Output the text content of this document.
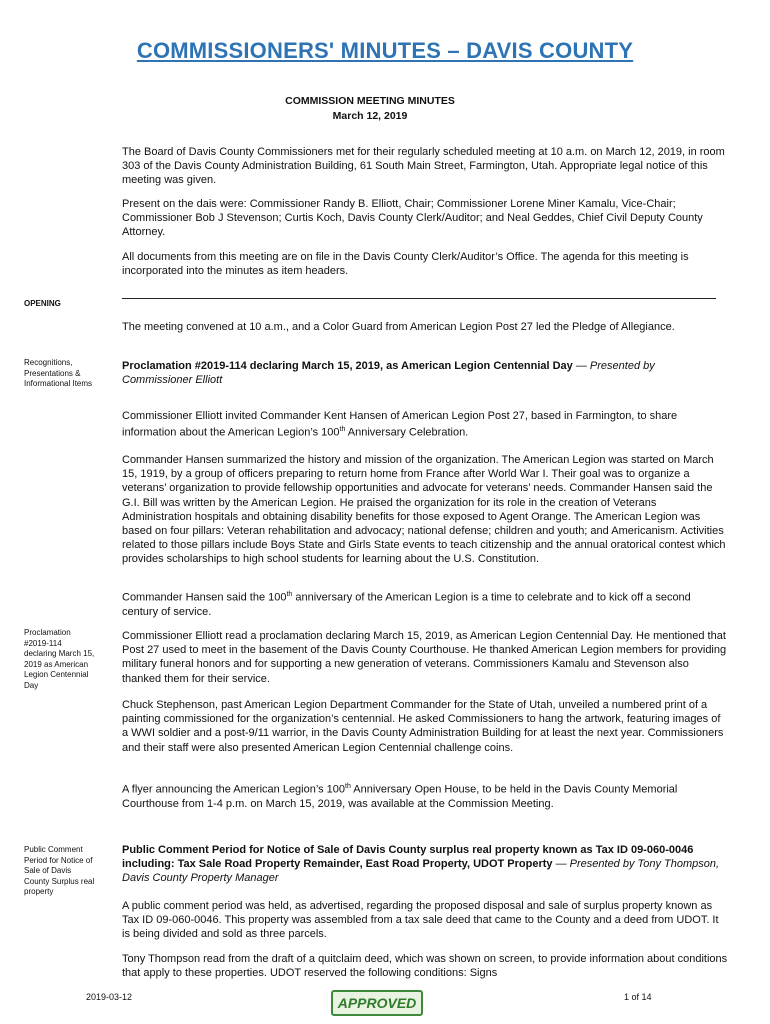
COMMISSIONERS' MINUTES – DAVIS COUNTY
COMMISSION MEETING MINUTES
March 12, 2019
The Board of Davis County Commissioners met for their regularly scheduled meeting at 10 a.m. on March 12, 2019, in room 303 of the Davis County Administration Building, 61 South Main Street, Farmington, Utah. Appropriate legal notice of this meeting was given.
Present on the dais were: Commissioner Randy B. Elliott, Chair; Commissioner Lorene Miner Kamalu, Vice-Chair; Commissioner Bob J Stevenson; Curtis Koch, Davis County Clerk/Auditor; and Neal Geddes, Chief Civil Deputy County Attorney.
All documents from this meeting are on file in the Davis County Clerk/Auditor’s Office. The agenda for this meeting is incorporated into the minutes as item headers.
OPENING
The meeting convened at 10 a.m., and a Color Guard from American Legion Post 27 led the Pledge of Allegiance.
Recognitions, Presentations & Informational Items
Proclamation #2019-114 declaring March 15, 2019, as American Legion Centennial Day — Presented by Commissioner Elliott
Commissioner Elliott invited Commander Kent Hansen of American Legion Post 27, based in Farmington, to share information about the American Legion’s 100th Anniversary Celebration.
Commander Hansen summarized the history and mission of the organization. The American Legion was started on March 15, 1919, by a group of officers preparing to return home from France after World War I. Their goal was to organize a veterans’ organization to provide fellowship opportunities and advocate for veterans’ needs. Commander Hansen said the G.I. Bill was written by the American Legion. He praised the organization for its role in the creation of Veterans Administration hospitals and obtaining disability benefits for those exposed to Agent Orange. The American Legion was based on four pillars: Veteran rehabilitation and advocacy; national defense; children and youth; and Americanism. Activities related to those pillars include Boys State and Girls State events to teach citizenship and the annual oratorical contest which provides scholarships to high school students for learning about the U.S. Constitution.
Commander Hansen said the 100th anniversary of the American Legion is a time to celebrate and to kick off a second century of service.
Proclamation #2019-114 declaring March 15, 2019 as American Legion Centennial Day
Commissioner Elliott read a proclamation declaring March 15, 2019, as American Legion Centennial Day. He mentioned that Post 27 used to meet in the basement of the Davis County Courthouse. He thanked American Legion members for providing military funeral honors and for supporting a new generation of veterans. Commissioners Kamalu and Stevenson also thanked them for their service.
Chuck Stephenson, past American Legion Department Commander for the State of Utah, unveiled a numbered print of a painting commissioned for the organization’s centennial. He asked Commissioners to hang the artwork, featuring images of a WWI soldier and a post-9/11 warrior, in the Davis County Administration Building for at least the next year. Commissioners and their staff were also presented American Legion Centennial challenge coins.
A flyer announcing the American Legion’s 100th Anniversary Open House, to be held in the Davis County Memorial Courthouse from 1-4 p.m. on March 15, 2019, was available at the Commission Meeting.
Public Comment Period for Notice of Sale of Davis County Surplus real property
Public Comment Period for Notice of Sale of Davis County surplus real property known as Tax ID 09-060-0046 including: Tax Sale Road Property Remainder, East Road Property, UDOT Property — Presented by Tony Thompson, Davis County Property Manager
A public comment period was held, as advertised, regarding the proposed disposal and sale of surplus property known as Tax ID 09-060-0046. This property was assembled from a tax sale deed that came to the County and a deed from UDOT. It is being divided and sold as three parcels.
Tony Thompson read from the draft of a quitclaim deed, which was shown on screen, to provide information about conditions that apply to these properties. UDOT reserved the following conditions: Signs
2019-03-12	APPROVED	1 of 14
